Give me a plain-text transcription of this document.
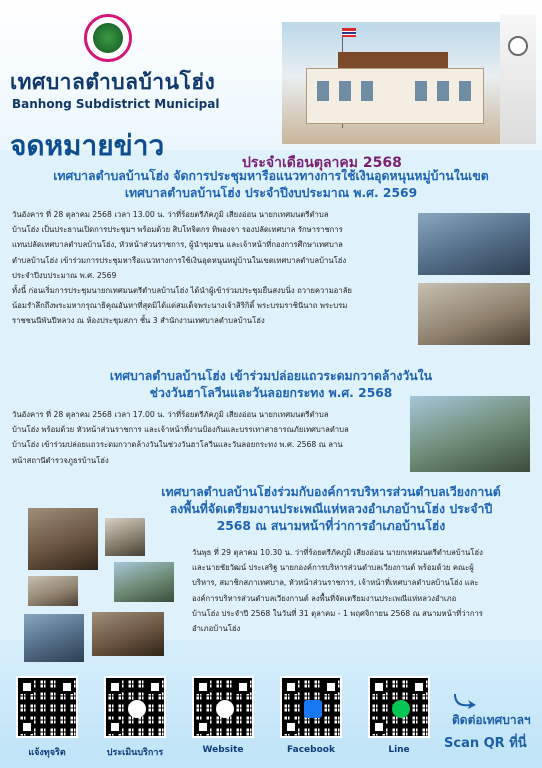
เทศบาลตำบลบ้านโฮ่ง
Banhong Subdistrict Municipal
จดหมายข่าว
ประจำเดือนตุลาคม 2568
เทศบาลตำบลบ้านโฮ่ง จัดการประชุมหารือแนวทางการใช้เงินอุดหนุนหมู่บ้านในเขต
เทศบาลตำบลบ้านโฮ่ง ประจำปีงบประมาณ พ.ศ. 2569
วันอังคาร ที่ 28 ตุลาคม 2568 เวลา 13.00 น. ว่าที่ร้อยตรีภัคภูมิ เสียงอ่อน นายกเทศมนตรีตำบล
บ้านโฮ่ง เป็นประธานเปิดการประชุมฯ พร้อมด้วย สิบโทจิตกร ทิพองจา รองปลัดเทศบาล รักษาราชการ
แทนปลัดเทศบาลตำบลบ้านโฮ่ง, หัวหน้าส่วนราชการ, ผู้นำชุมชน และเจ้าหน้าที่กองการศึกษาเทศบาล
ตำบลบ้านโฮ่ง เข้าร่วมการประชุมหารือแนวทางการใช้เงินอุดหนุนหมู่บ้านในเขตเทศบาลตำบลบ้านโฮ่ง
ประจำปีงบประมาณ พ.ศ. 2569
ทั้งนี้ ก่อนเริ่มการประชุมนายกเทศมนตรีตำบลบ้านโฮ่ง ได้นำผู้เข้าร่วมประชุมยืนสงบนิ่ง ถวายความอาลัย
น้อมรำลึกถึงพระมหากรุณาธิคุณอันหาที่สุดมิได้แด่สมเด็จพระนางเจ้าสิริกิติ์ พระบรมราชินีนาถ พระบรม
ราชชนนีพันปีหลวง ณ ห้องประชุมสภา ชั้น 3 สำนักงานเทศบาลตำบลบ้านโฮ่ง
เทศบาลตำบลบ้านโฮ่ง เข้าร่วมปล่อยแถวระดมกวาดล้างวันใน
ช่วงวันฮาโลวีนและวันลอยกระทง พ.ศ. 2568
วันอังคาร ที่ 28 ตุลาคม 2568 เวลา 17.00 น. ว่าที่ร้อยตรีภัคภูมิ เสียงอ่อน นายกเทศมนตรีตำบล
บ้านโฮ่ง พร้อมด้วย หัวหน้าส่วนราชการ และเจ้าหน้าที่งานป้องกันและบรรเทาสาธารณภัยเทศบาลตำบล
บ้านโฮ่ง เข้าร่วมปล่อยแถวระดมกวาดล้างวันในช่วงวันฮาโลวีนและวันลอยกระทง พ.ศ. 2568 ณ ลาน
หน้าสถานีตำรวจภูธรบ้านโฮ่ง
เทศบาลตำบลบ้านโฮ่งร่วมกับองค์การบริหารส่วนตำบลเวียงกานต์
ลงพื้นที่จัดเตรียมงานประเพณีแห่หลวงอำเภอบ้านโฮ่ง ประจำปี
2568 ณ สนามหน้าที่ว่าการอำเภอบ้านโฮ่ง
วันพุธ ที่ 29 ตุลาคม 10.30 น. ว่าที่ร้อยตรีภัคภูมิ เสียงอ่อน นายกเทศมนตรีตำบลบ้านโฮ่ง
และนายชัยวัฒน์ ประเสริฐ นายกองค์การบริหารส่วนตำบลเวียงกานต์ พร้อมด้วย คณะผู้
บริหาร, สมาชิกสภาเทศบาล, หัวหน้าส่วนราชการ, เจ้าหน้าที่เทศบาลตำบลบ้านโฮ่ง และ
องค์การบริหารส่วนตำบลเวียงกานต์ ลงพื้นที่จัดเตรียมงานประเพณีแห่หลวงอำเภอ
บ้านโฮ่ง ประจำปี 2568 ในวันที่ 31 ตุลาคม - 1 พฤศจิกายน 2568 ณ สนามหน้าที่ว่าการ
อำเภอบ้านโฮ่ง
แจ้งทุจริต	ประเมินบริการ	Website	Facebook	Line
ติดต่อเทศบาลฯ
Scan QR ที่นี่
